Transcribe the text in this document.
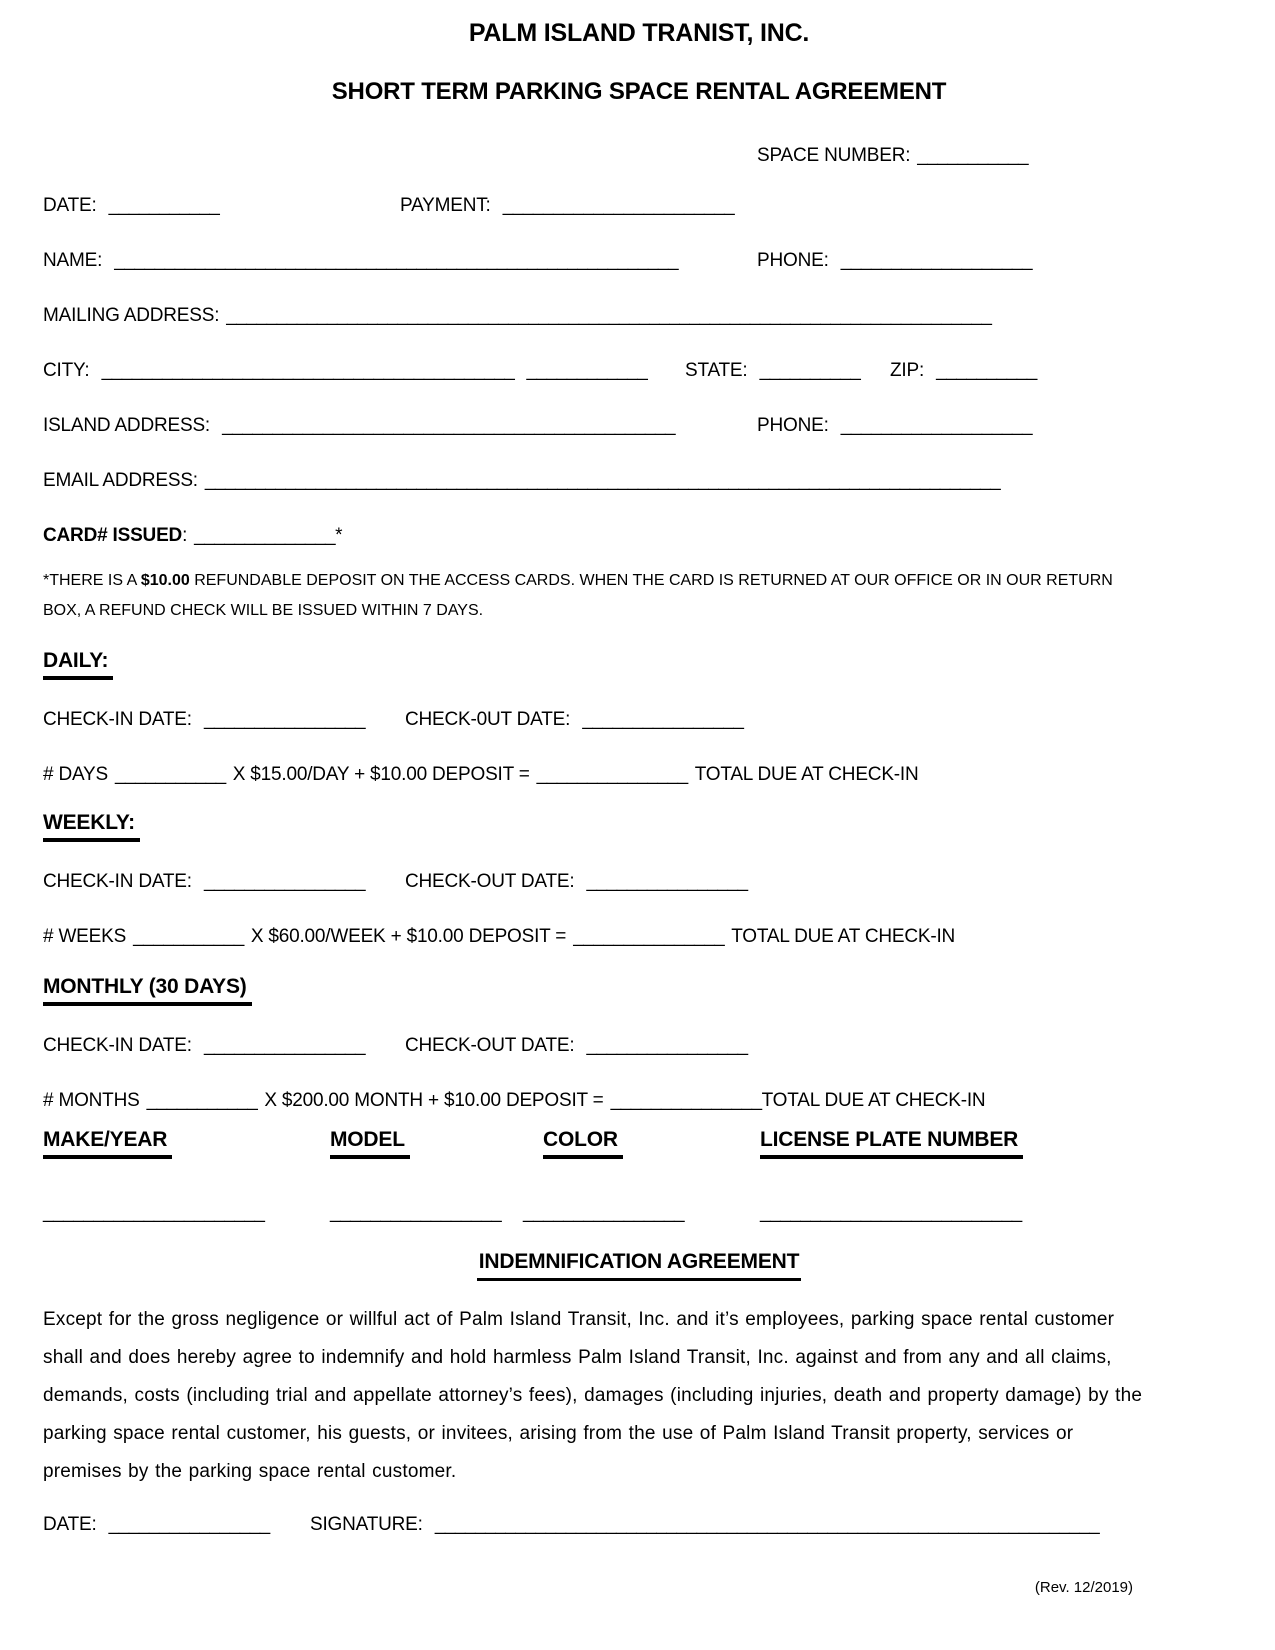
PALM ISLAND TRANIST, INC.
SHORT TERM PARKING SPACE RENTAL AGREEMENT
SPACE NUMBER: ___________
DATE: ___________	PAYMENT: _______________________
NAME: ________________________________________________________	PHONE: ___________________
MAILING ADDRESS: ____________________________________________________________________________
CITY: _________________________________________ ____________	STATE: __________	ZIP: __________
ISLAND ADDRESS: _____________________________________________	PHONE: ___________________
EMAIL ADDRESS: _______________________________________________________________________________
CARD# ISSUED : ______________ *
*THERE IS A $10.00 REFUNDABLE DEPOSIT ON THE ACCESS CARDS. WHEN THE CARD IS RETURNED AT OUR OFFICE OR IN OUR RETURN BOX, A REFUND CHECK WILL BE ISSUED WITHIN 7 DAYS.
DAILY:
CHECK-IN DATE: ________________	CHECK-0UT DATE: ________________
# DAYS ___________ X $15.00/DAY + $10.00 DEPOSIT = _______________ TOTAL DUE AT CHECK-IN
WEEKLY:
CHECK-IN DATE: ________________	CHECK-OUT DATE: ________________
# WEEKS ___________ X $60.00/WEEK + $10.00 DEPOSIT = _______________ TOTAL DUE AT CHECK-IN
MONTHLY (30 DAYS)
CHECK-IN DATE: ________________	CHECK-OUT DATE: ________________
# MONTHS ___________ X $200.00 MONTH + $10.00 DEPOSIT = _______________ TOTAL DUE AT CHECK-IN
MAKE/YEAR	MODEL	COLOR	LICENSE PLATE NUMBER
______________________	_________________	________________	__________________________
INDEMNIFICATION AGREEMENT

Except for the gross negligence or willful act of Palm Island Transit, Inc. and it’s employees, parking space rental customer shall and does hereby agree to indemnify and hold harmless Palm Island Transit, Inc. against and from any and all claims, demands, costs (including trial and appellate attorney’s fees), damages (including injuries, death and property damage) by the parking space rental customer, his guests, or invitees, arising from the use of Palm Island Transit property, services or premises by the parking space rental customer.

DATE: ________________	SIGNATURE: __________________________________________________________________
(Rev. 12/2019)
